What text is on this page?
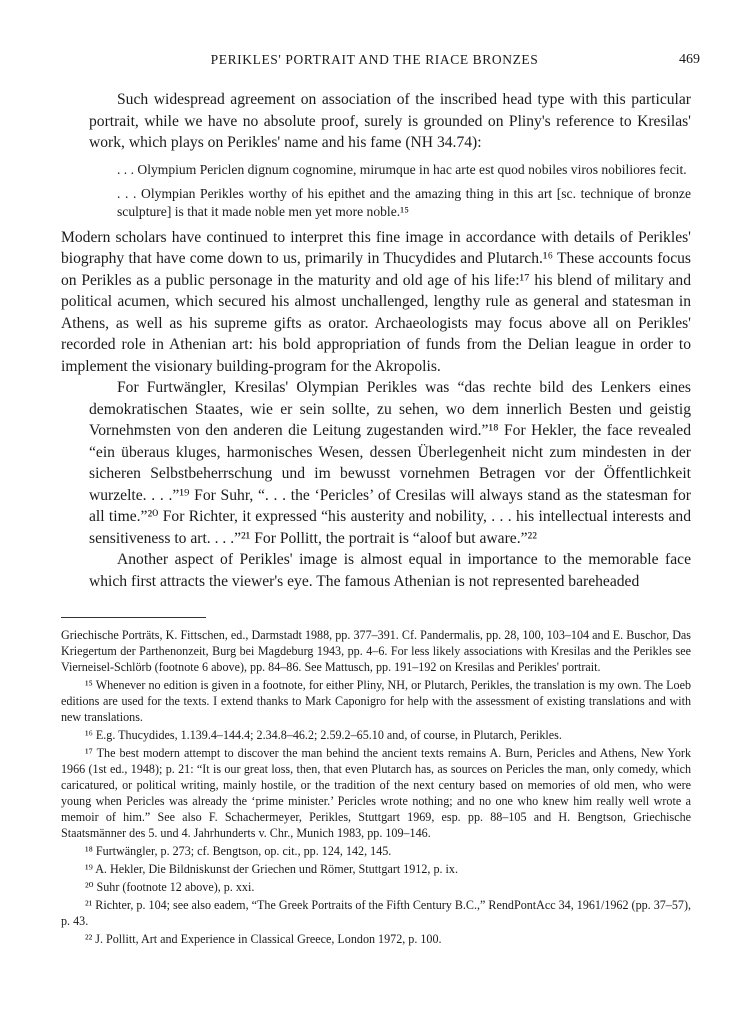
PERIKLES' PORTRAIT AND THE RIACE BRONZES	469

Such widespread agreement on association of the inscribed head type with this particular portrait, while we have no absolute proof, surely is grounded on Pliny's reference to Kresilas' work, which plays on Perikles' name and his fame (NH 34.74):

. . . Olympium Periclen dignum cognomine, mirumque in hac arte est quod nobiles viros nobiliores fecit.

. . . Olympian Perikles worthy of his epithet and the amazing thing in this art [sc. technique of bronze sculpture] is that it made noble men yet more noble.¹⁵

Modern scholars have continued to interpret this fine image in accordance with details of Perikles' biography that have come down to us, primarily in Thucydides and Plutarch.¹⁶ These accounts focus on Perikles as a public personage in the maturity and old age of his life:¹⁷ his blend of military and political acumen, which secured his almost unchallenged, lengthy rule as general and statesman in Athens, as well as his supreme gifts as orator. Archaeologists may focus above all on Perikles' recorded role in Athenian art: his bold appropriation of funds from the Delian league in order to implement the visionary building-program for the Akropolis.

For Furtwängler, Kresilas' Olympian Perikles was “das rechte bild des Lenkers eines demokratischen Staates, wie er sein sollte, zu sehen, wo dem innerlich Besten und geistig Vornehmsten von den anderen die Leitung zugestanden wird.”¹⁸ For Hekler, the face revealed “ein überaus kluges, harmonisches Wesen, dessen Überlegenheit nicht zum mindesten in der sicheren Selbstbeherrschung und im bewusst vornehmen Betragen vor der Öffentlichkeit wurzelte. . . .”¹⁹ For Suhr, “. . . the ‘Pericles’ of Cresilas will always stand as the statesman for all time.”²⁰ For Richter, it expressed “his austerity and nobility, . . . his intellectual interests and sensitiveness to art. . . .”²¹ For Pollitt, the portrait is “aloof but aware.”²²

Another aspect of Perikles' image is almost equal in importance to the memorable face which first attracts the viewer's eye. The famous Athenian is not represented bareheaded

Griechische Porträts, K. Fittschen, ed., Darmstadt 1988, pp. 377–391. Cf. Pandermalis, pp. 28, 100, 103–104 and E. Buschor, Das Kriegertum der Parthenonzeit, Burg bei Magdeburg 1943, pp. 4–6. For less likely associations with Kresilas and the Perikles see Vierneisel-Schlörb (footnote 6 above), pp. 84–86. See Mattusch, pp. 191–192 on Kresilas and Perikles' portrait.

¹⁵ Whenever no edition is given in a footnote, for either Pliny, NH, or Plutarch, Perikles, the translation is my own. The Loeb editions are used for the texts. I extend thanks to Mark Caponigro for help with the assessment of existing translations and with new translations.

¹⁶ E.g. Thucydides, 1.139.4–144.4; 2.34.8–46.2; 2.59.2–65.10 and, of course, in Plutarch, Perikles.

¹⁷ The best modern attempt to discover the man behind the ancient texts remains A. Burn, Pericles and Athens, New York 1966 (1st ed., 1948); p. 21: “It is our great loss, then, that even Plutarch has, as sources on Pericles the man, only comedy, which caricatured, or political writing, mainly hostile, or the tradition of the next century based on memories of old men, who were young when Pericles was already the ‘prime minister.’ Pericles wrote nothing; and no one who knew him really well wrote a memoir of him.” See also F. Schachermeyer, Perikles, Stuttgart 1969, esp. pp. 88–105 and H. Bengtson, Griechische Staatsmänner des 5. und 4. Jahrhunderts v. Chr., Munich 1983, pp. 109–146.

¹⁸ Furtwängler, p. 273; cf. Bengtson, op. cit., pp. 124, 142, 145.

¹⁹ A. Hekler, Die Bildniskunst der Griechen und Römer, Stuttgart 1912, p. ix.

²⁰ Suhr (footnote 12 above), p. xxi.

²¹ Richter, p. 104; see also eadem, “The Greek Portraits of the Fifth Century B.C.,” RendPontAcc 34, 1961/1962 (pp. 37–57), p. 43.

²² J. Pollitt, Art and Experience in Classical Greece, London 1972, p. 100.
